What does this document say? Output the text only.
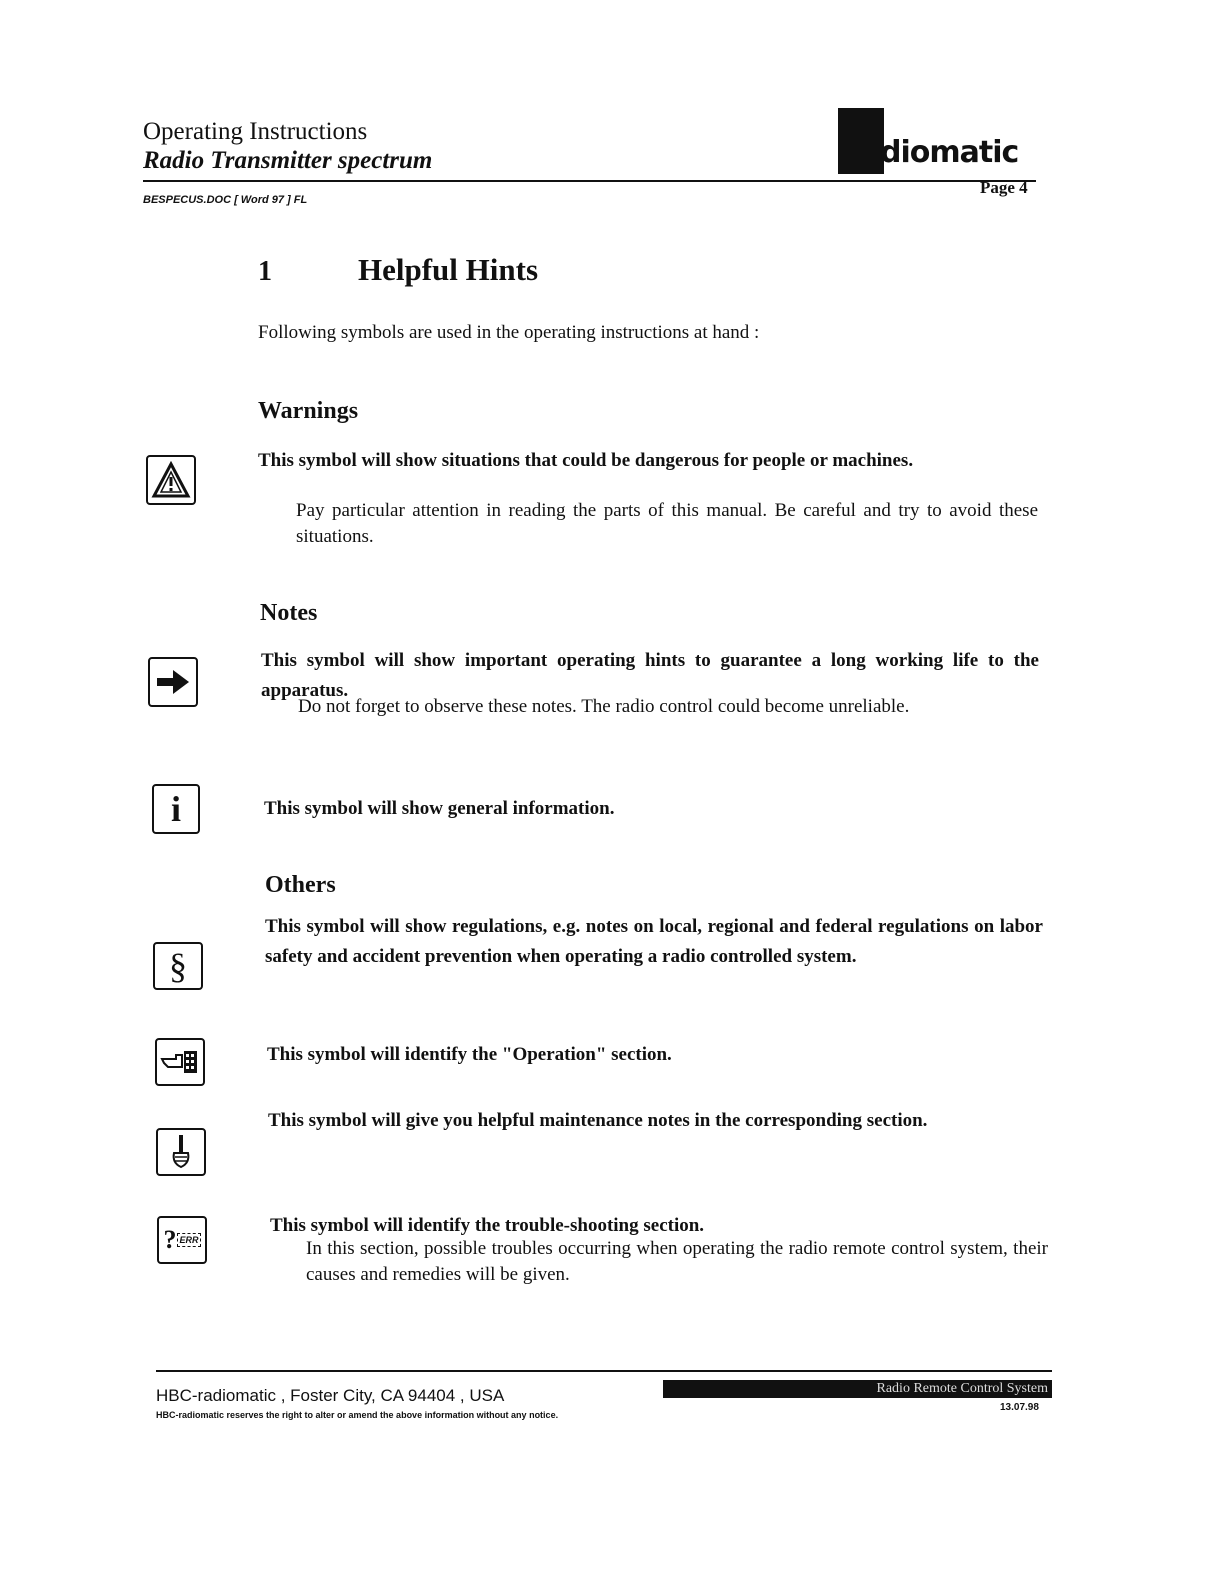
Operating Instructions
Radio Transmitter spectrum
BESPECUS.DOC [ Word 97 ] FL
diomatic
Page 4
1	Helpful Hints
Following symbols are used in the operating instructions at hand :
Warnings
This symbol will show situations that could be dangerous for people or machines.
Pay particular attention in reading the parts of this manual. Be careful and try to avoid these situations.
Notes
This symbol will show important operating hints to guarantee a long working life to the apparatus.
Do not forget to observe these notes. The radio control could become unreliable.
i	This symbol will show general information.
Others
§
This symbol will show regulations, e.g. notes on local, regional and federal regulations on labor safety and accident prevention when operating a radio controlled system.
This symbol will identify the "Operation" section.
This symbol will give you helpful maintenance notes in the corresponding section.
? ERR
This symbol will identify the trouble-shooting section.
In this section, possible troubles occurring when operating the radio remote control system, their causes and remedies will be given.
Radio Remote Control System
HBC-radiomatic , Foster City, CA 94404 , USA
HBC-radiomatic reserves the right to alter or amend the above information without any notice.
13.07.98
